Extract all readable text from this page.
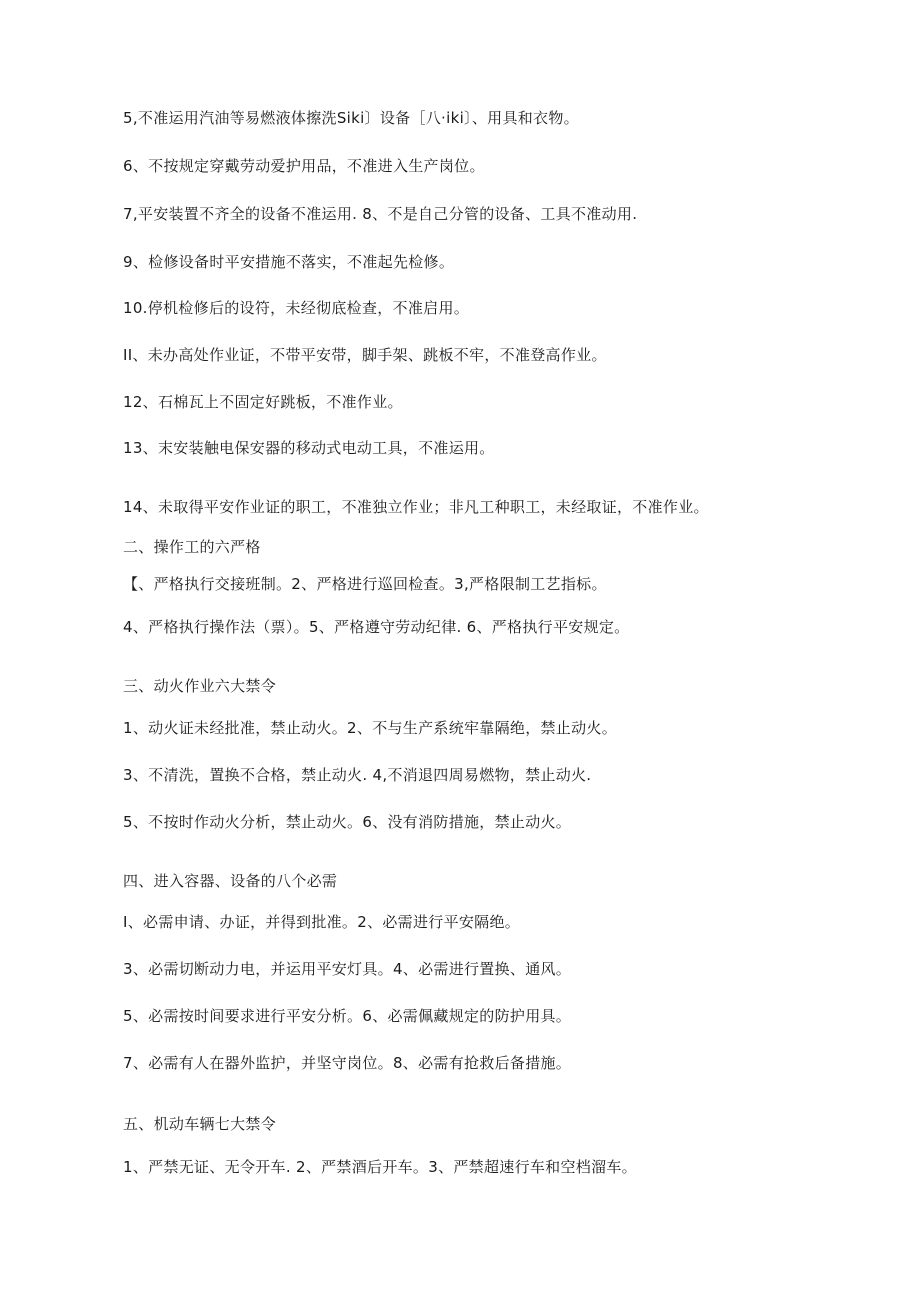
5,不准运用汽油等易燃液体擦洗Siki〕设备［八·iki〕、用具和衣物。
6、不按规定穿戴劳动爱护用品，不准进入生产岗位。
7,平安装置不齐全的设备不准运用. 8、不是自己分管的设备、工具不准动用.
9、检修设备时平安措施不落实，不准起先检修。
10.停机检修后的设符，未经彻底检查，不准启用。
II、未办高处作业证，不带平安带，脚手架、跳板不牢，不准登高作业。
12、石棉瓦上不固定好跳板，不准作业。
13、末安装触电保安器的移动式电动工具，不准运用。
14、未取得平安作业证的职工，不准独立作业；非凡工种职工，未经取证，不准作业。
二、操作工的六严格
【、严格执行交接班制。2、严格进行巡回检查。3,严格限制工艺指标。
4、严格执行操作法（票）。5、严格遵守劳动纪律. 6、严格执行平安规定。
三、动火作业六大禁令
1、动火证未经批准，禁止动火。2、不与生产系统牢靠隔绝，禁止动火。
3、不清洗，置换不合格，禁止动火. 4,不消退四周易燃物，禁止动火.
5、不按时作动火分析，禁止动火。6、没有消防措施，禁止动火。
四、进入容器、设备的八个必需
I、必需申请、办证，并得到批准。2、必需进行平安隔绝。
3、必需切断动力电，并运用平安灯具。4、必需进行置换、通风。
5、必需按时间要求进行平安分析。6、必需佩藏规定的防护用具。
7、必需有人在器外监护，并坚守岗位。8、必需有抢救后备措施。
五、机动车辆七大禁令
1、严禁无证、无令开车. 2、严禁酒后开车。3、严禁超速行车和空档溜车。
